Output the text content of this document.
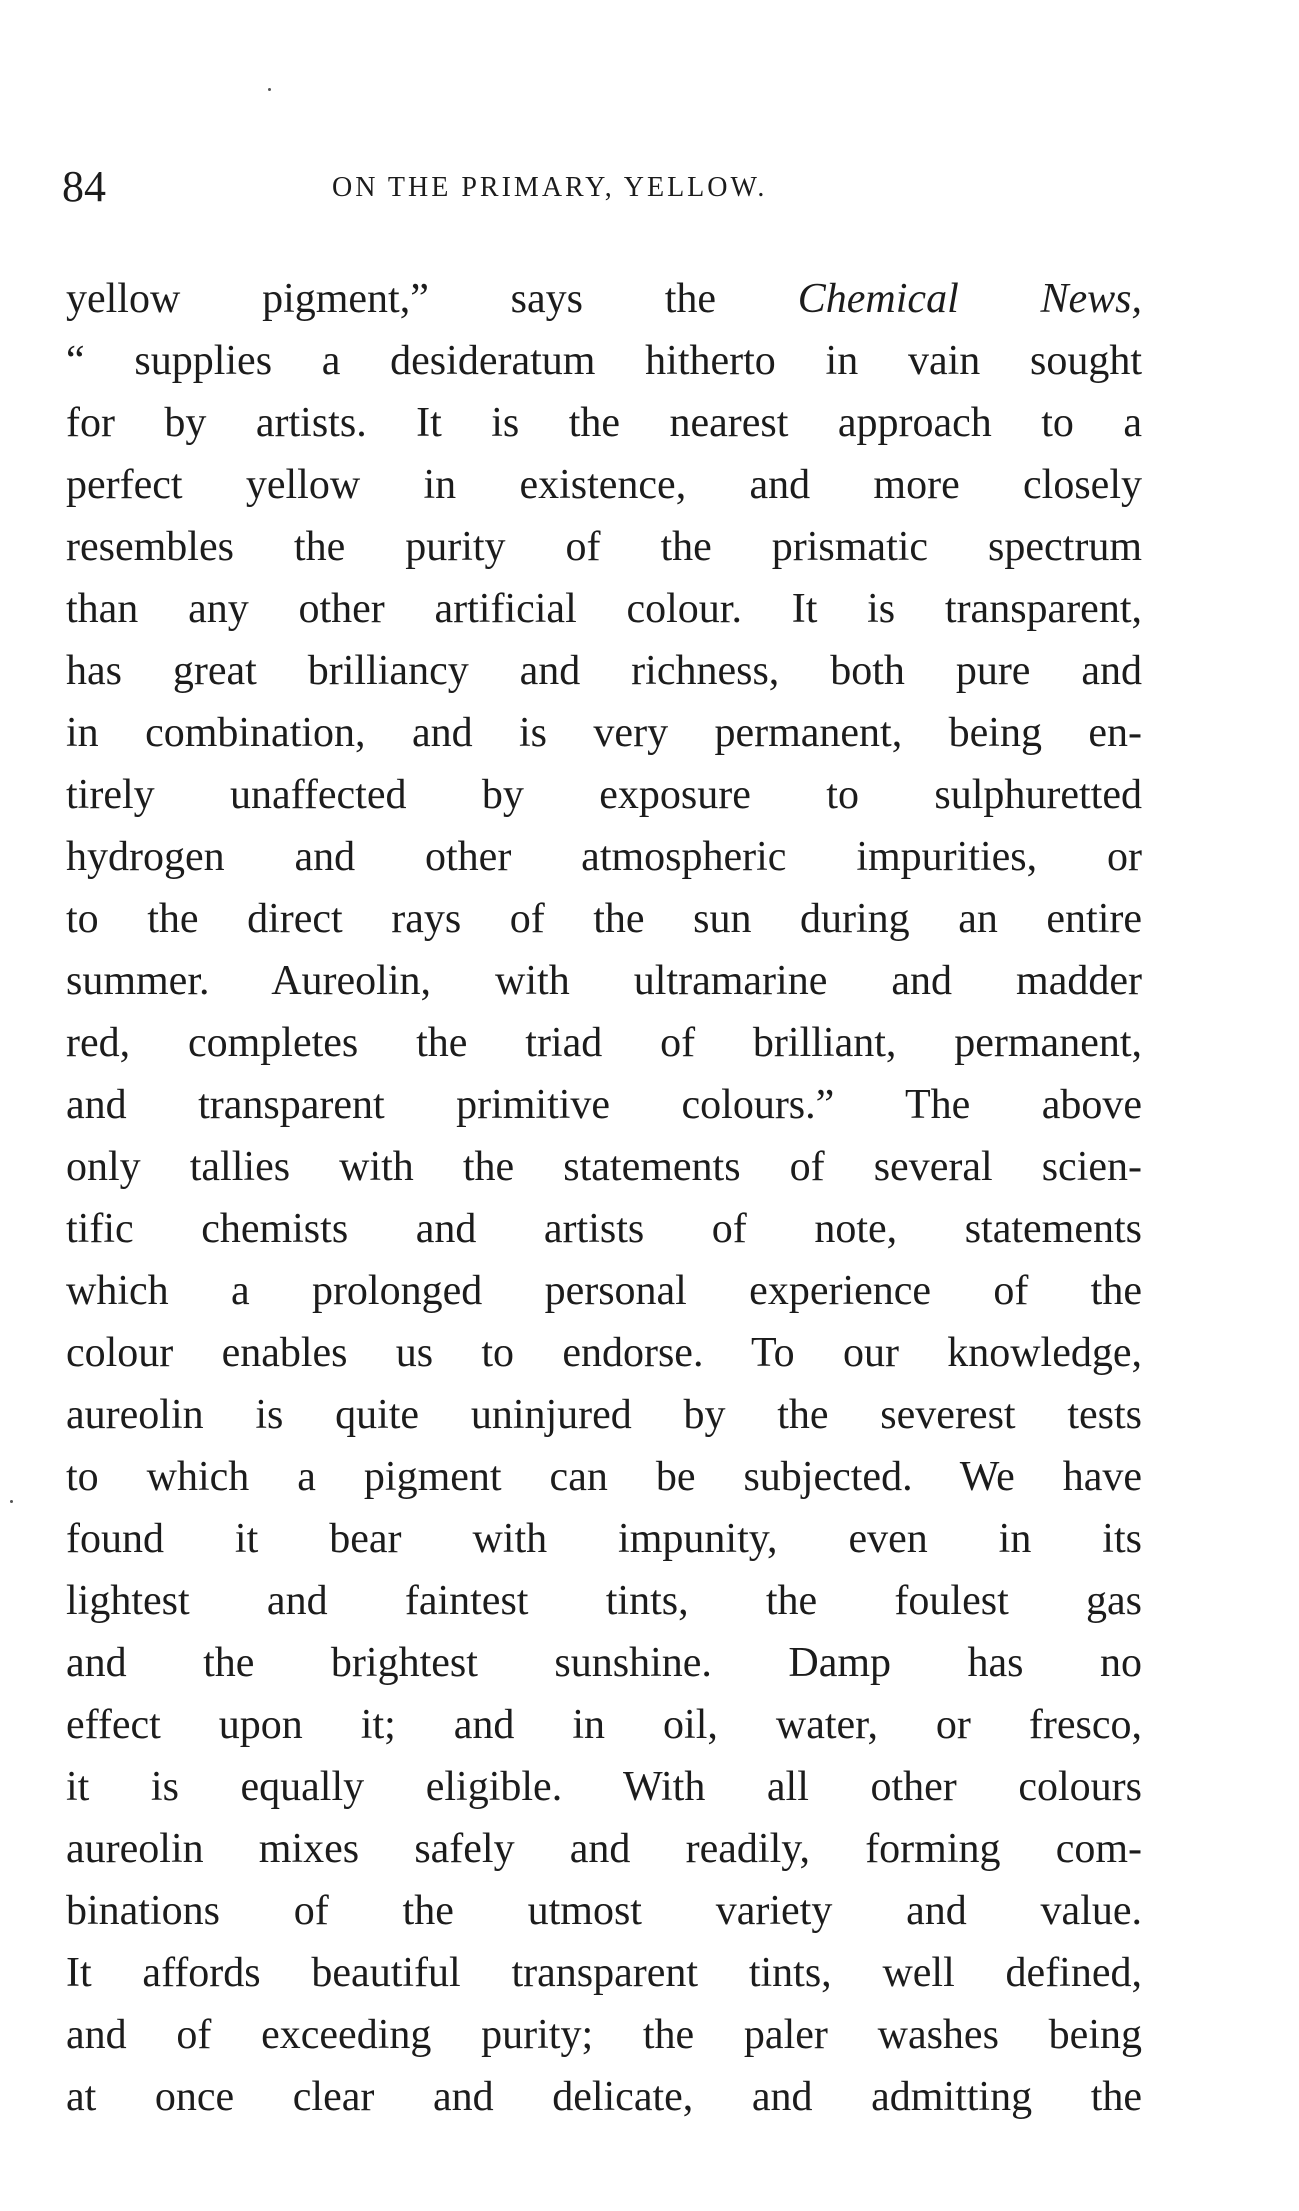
84	ON THE PRIMARY, YELLOW.
yellow pigment,” says the Chemical News,
“ supplies a desideratum hitherto in vain sought
for by artists. It is the nearest approach to a
perfect yellow in existence, and more closely
resembles the purity of the prismatic spectrum
than any other artificial colour. It is transparent,
has great brilliancy and richness, both pure and
in combination, and is very permanent, being en-
tirely unaffected by exposure to sulphuretted
hydrogen and other atmospheric impurities, or
to the direct rays of the sun during an entire
summer. Aureolin, with ultramarine and madder
red, completes the triad of brilliant, permanent,
and transparent primitive colours.” The above
only tallies with the statements of several scien-
tific chemists and artists of note, statements
which a prolonged personal experience of the
colour enables us to endorse. To our knowledge,
aureolin is quite uninjured by the severest tests
to which a pigment can be subjected. We have
found it bear with impunity, even in its
lightest and faintest tints, the foulest gas
and the brightest sunshine. Damp has no
effect upon it; and in oil, water, or fresco,
it is equally eligible. With all other colours
aureolin mixes safely and readily, forming com-
binations of the utmost variety and value.
It affords beautiful transparent tints, well defined,
and of exceeding purity; the paler washes being
at once clear and delicate, and admitting the
